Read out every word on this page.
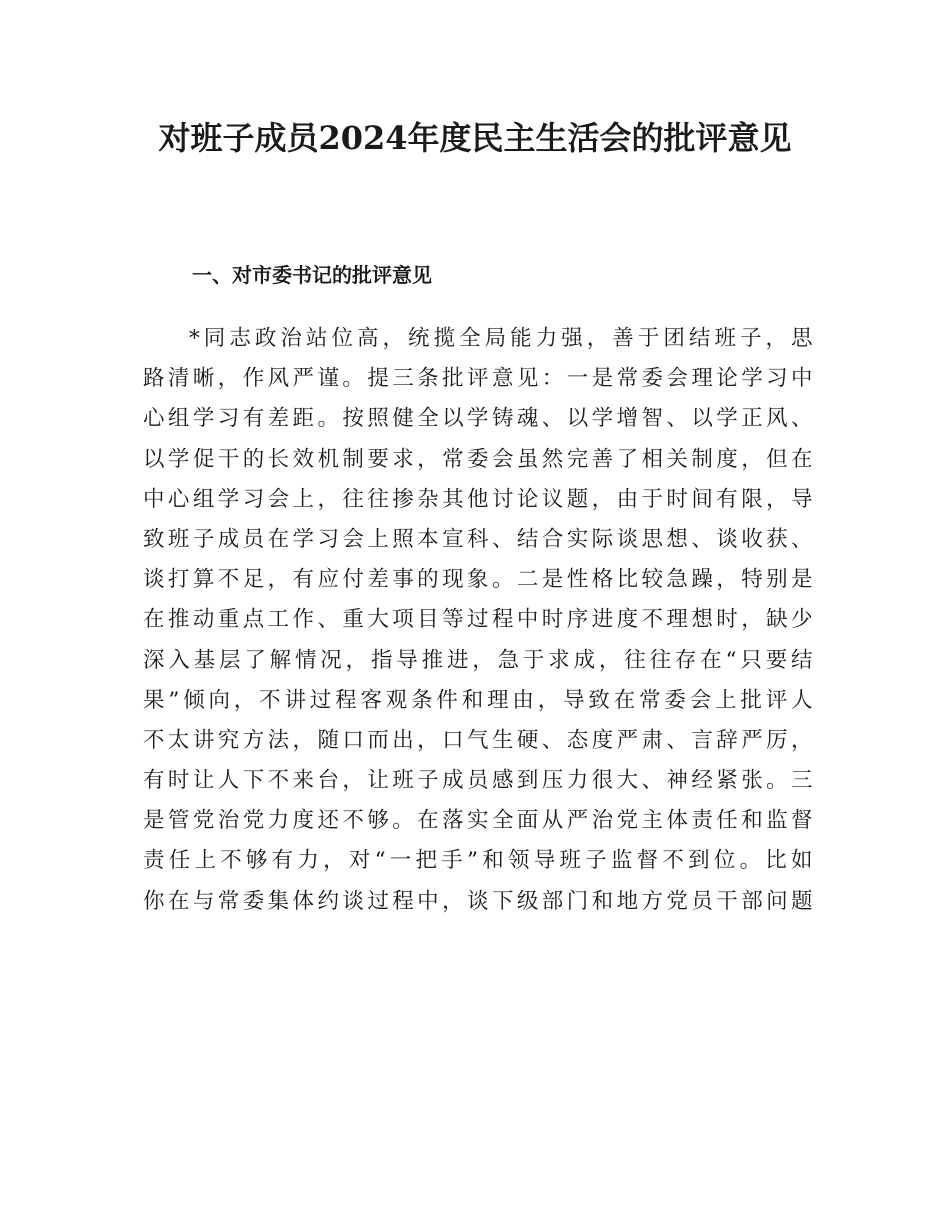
对班子成员2024年度民主生活会的批评意见
一、对市委书记的批评意见
*同志政治站位高，统揽全局能力强，善于团结班子，思
路清晰，作风严谨。提三条批评意见：一是常委会理论学习中
心组学习有差距。按照健全以学铸魂、以学增智、以学正风、
以学促干的长效机制要求，常委会虽然完善了相关制度，但在
中心组学习会上，往往掺杂其他讨论议题，由于时间有限，导
致班子成员在学习会上照本宣科、结合实际谈思想、谈收获、
谈打算不足，有应付差事的现象。二是性格比较急躁，特别是
在推动重点工作、重大项目等过程中时序进度不理想时，缺少
深入基层了解情况，指导推进，急于求成，往往存在“只要结
果”倾向，不讲过程客观条件和理由，导致在常委会上批评人
不太讲究方法，随口而出，口气生硬、态度严肃、言辞严厉，
有时让人下不来台，让班子成员感到压力很大、神经紧张。三
是管党治党力度还不够。在落实全面从严治党主体责任和监督
责任上不够有力，对“一把手”和领导班子监督不到位。比如
你在与常委集体约谈过程中，谈下级部门和地方党员干部问题
